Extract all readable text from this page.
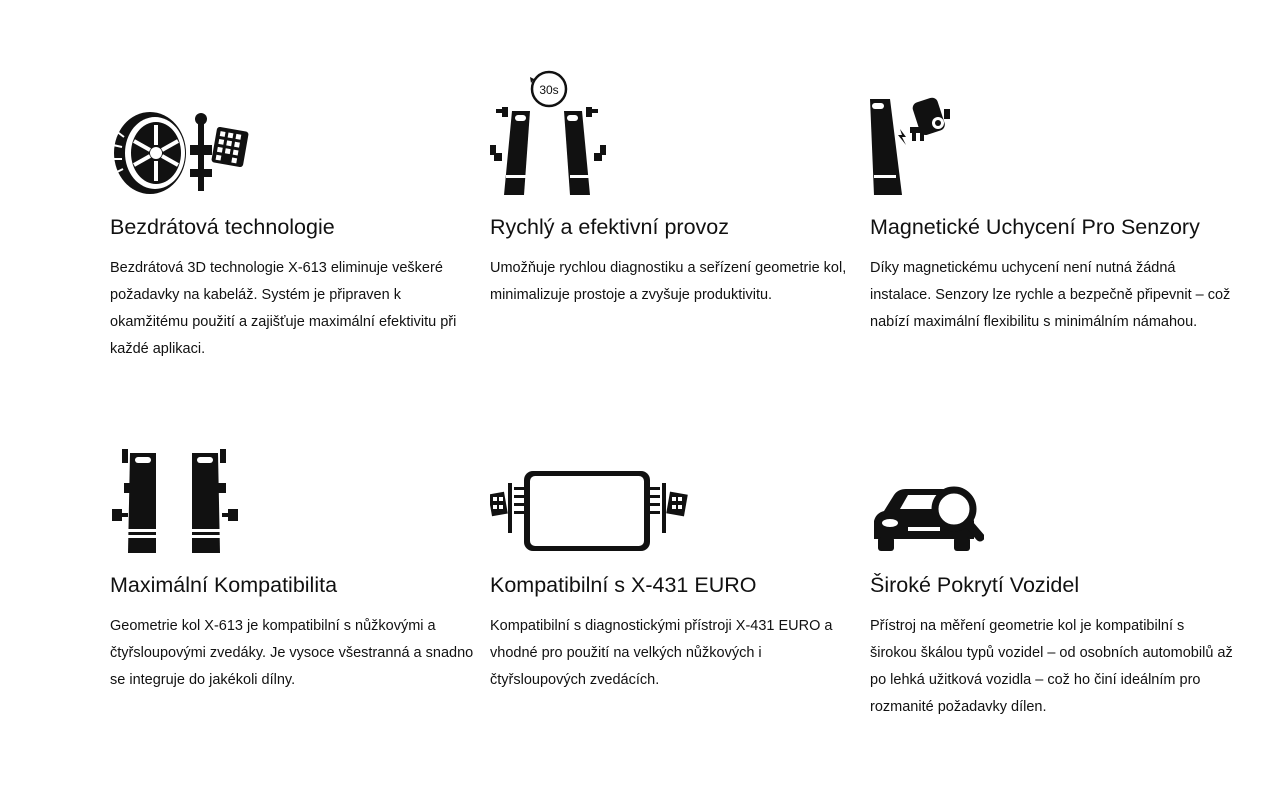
Bezdrátová technologie

Bezdrátová 3D technologie X-613 eliminuje veškeré požadavky na kabeláž. Systém je připraven k okamžitému použití a zajišťuje maximální efektivitu při každé aplikaci.

30s
Rychlý a efektivní provoz

Umožňuje rychlou diagnostiku a seřízení geometrie kol, minimalizuje prostoje a zvyšuje produktivitu.

Magnetické Uchycení Pro Senzory

Díky magnetickému uchycení není nutná žádná instalace. Senzory lze rychle a bezpečně připevnit – což nabízí maximální flexibilitu s minimálním námahou.

Maximální Kompatibilita

Geometrie kol X-613 je kompatibilní s nůžkovými a čtyřsloupovými zvedáky. Je vysoce všestranná a snadno se integruje do jakékoli dílny.

Kompatibilní s X-431 EURO

Kompatibilní s diagnostickými přístroji X-431 EURO a vhodné pro použití na velkých nůžkových i čtyřsloupových zvedácích.

Široké Pokrytí Vozidel

Přístroj na měření geometrie kol je kompatibilní s širokou škálou typů vozidel – od osobních automobilů až po lehká užitková vozidla – což ho činí ideálním pro rozmanité požadavky dílen.
